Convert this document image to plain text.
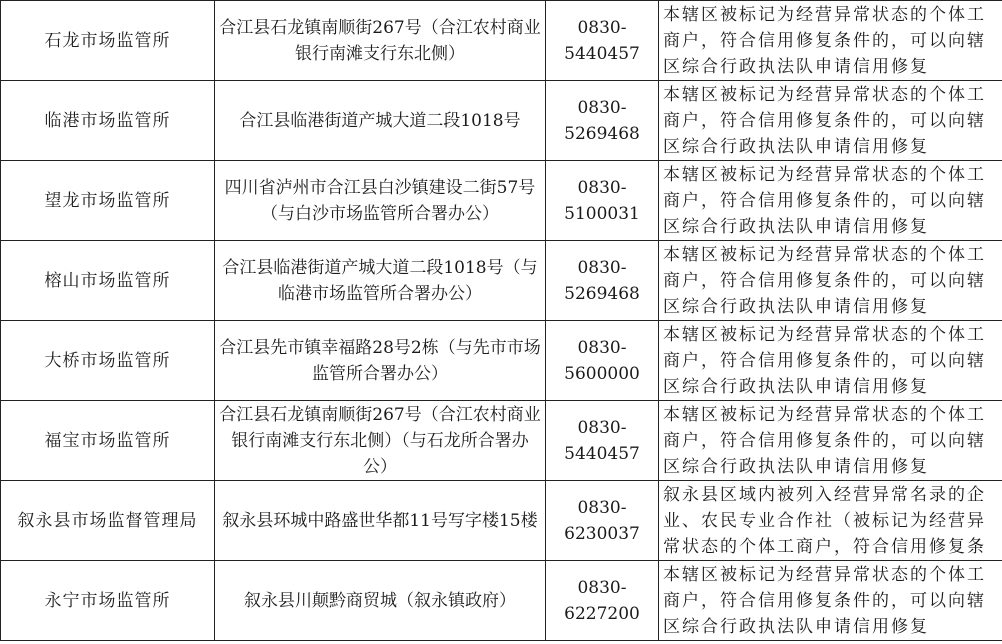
石龙市场监管所	合江县石龙镇南顺街267号（合江农村商业银行南滩支行东北侧）	0830-5440457	本辖区被标记为经营异常状态的个体工商户，符合信用修复条件的，可以向辖区综合行政执法队申请信用修复
临港市场监管所	合江县临港街道产城大道二段1018号	0830-5269468	本辖区被标记为经营异常状态的个体工商户，符合信用修复条件的，可以向辖区综合行政执法队申请信用修复
望龙市场监管所	四川省泸州市合江县白沙镇建设二街57号（与白沙市场监管所合署办公）	0830-5100031	本辖区被标记为经营异常状态的个体工商户，符合信用修复条件的，可以向辖区综合行政执法队申请信用修复
榕山市场监管所	合江县临港街道产城大道二段1018号（与临港市场监管所合署办公）	0830-5269468	本辖区被标记为经营异常状态的个体工商户，符合信用修复条件的，可以向辖区综合行政执法队申请信用修复
大桥市场监管所	合江县先市镇幸福路28号2栋（与先市市场监管所合署办公）	0830-5600000	本辖区被标记为经营异常状态的个体工商户，符合信用修复条件的，可以向辖区综合行政执法队申请信用修复
福宝市场监管所	合江县石龙镇南顺街267号（合江农村商业银行南滩支行东北侧）（与石龙所合署办公）	0830-5440457	本辖区被标记为经营异常状态的个体工商户，符合信用修复条件的，可以向辖区综合行政执法队申请信用修复
叙永县市场监督管理局	叙永县环城中路盛世华都11号写字楼15楼	0830-6230037	叙永县区域内被列入经营异常名录的企业、农民专业合作社（被标记为经营异常状态的个体工商户，符合信用修复条
永宁市场监管所	叙永县川颠黔商贸城（叙永镇政府）	0830-6227200	本辖区被标记为经营异常状态的个体工商户，符合信用修复条件的，可以向辖区综合行政执法队申请信用修复
